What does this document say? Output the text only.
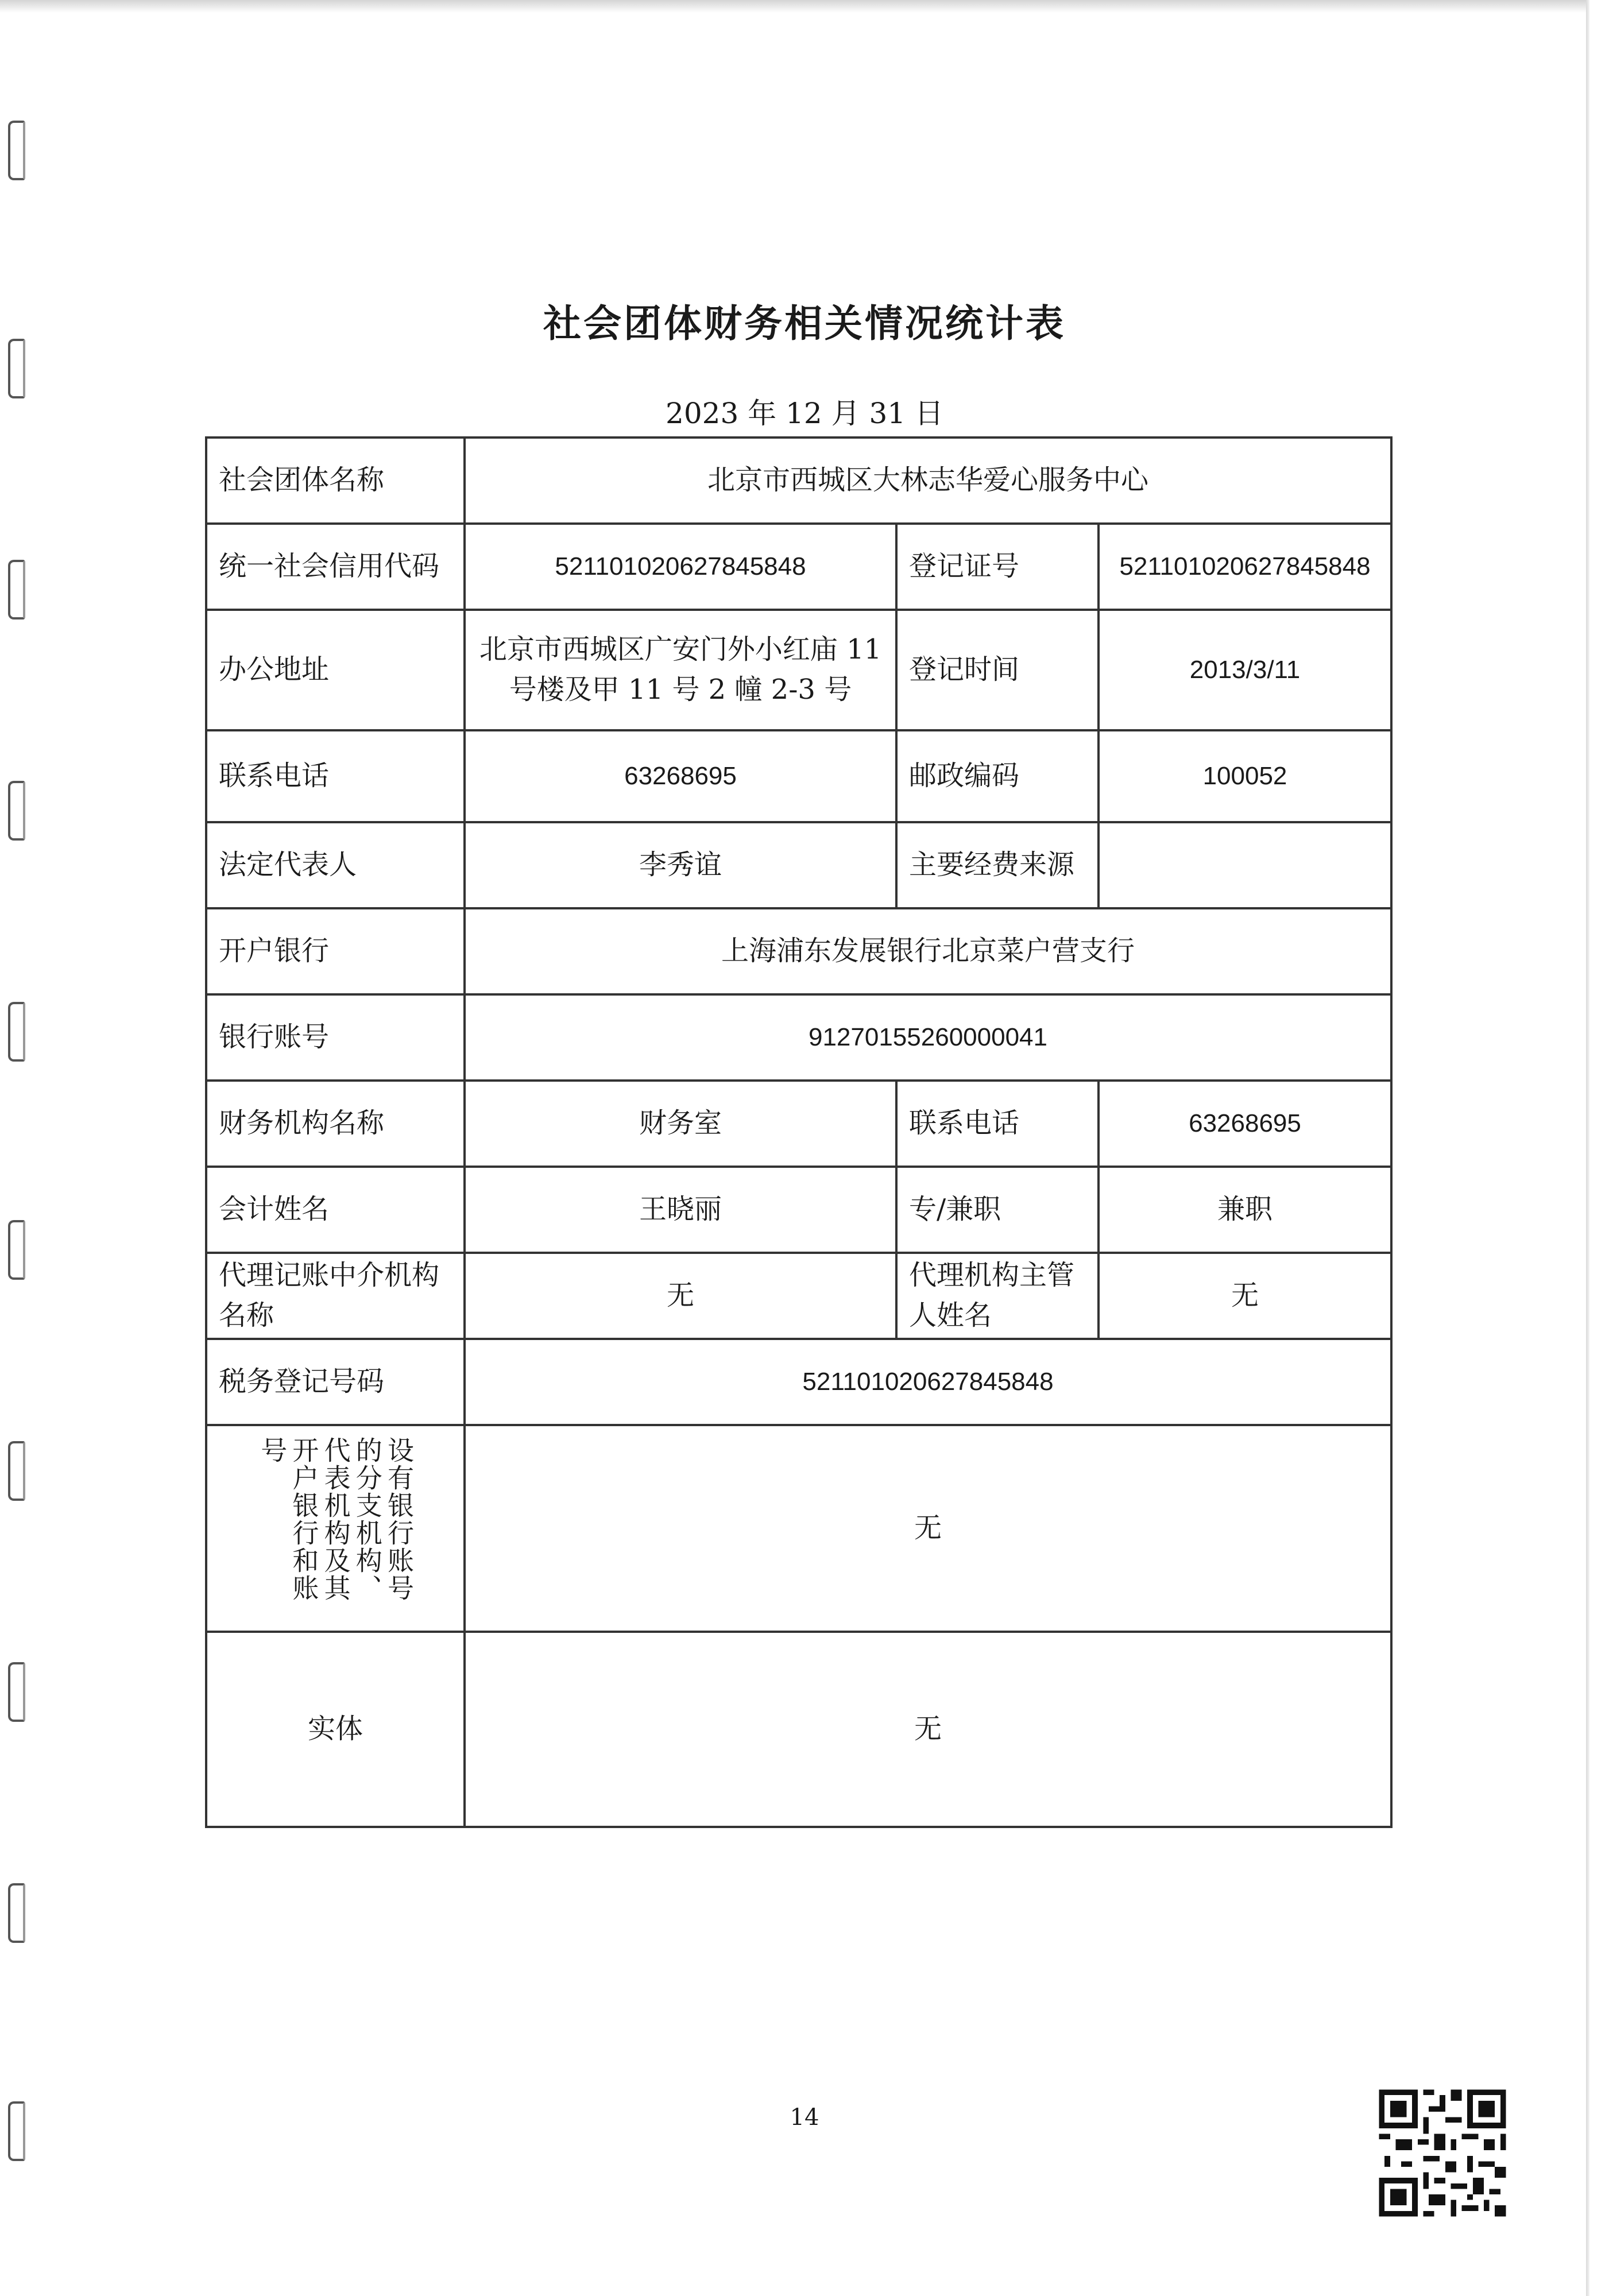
社会团体财务相关情况统计表
2023 年 12 月 31 日
社会团体名称	北京市西城区大林志华爱心服务中心		
统一社会信用代码	521101020627845848	登记证号	521101020627845848
办公地址	北京市西城区广安门外小红庙 11 号楼及甲 11 号 2 幢 2-3 号	登记时间	2013/3/11
联系电话	63268695	邮政编码	100052
法定代表人	李秀谊	主要经费来源	
开户银行	上海浦东发展银行北京菜户营支行		
银行账号	91270155260000041		
财务机构名称	财务室	联系电话	63268695
会计姓名	王晓丽	专/兼职	兼职
代理记账中介机构名称	无	代理机构主管人姓名	无
税务登记号码	521101020627845848		

设有银行账号的分支机构、代表机构及其开户银行和账号	无		
实体	无		
14
